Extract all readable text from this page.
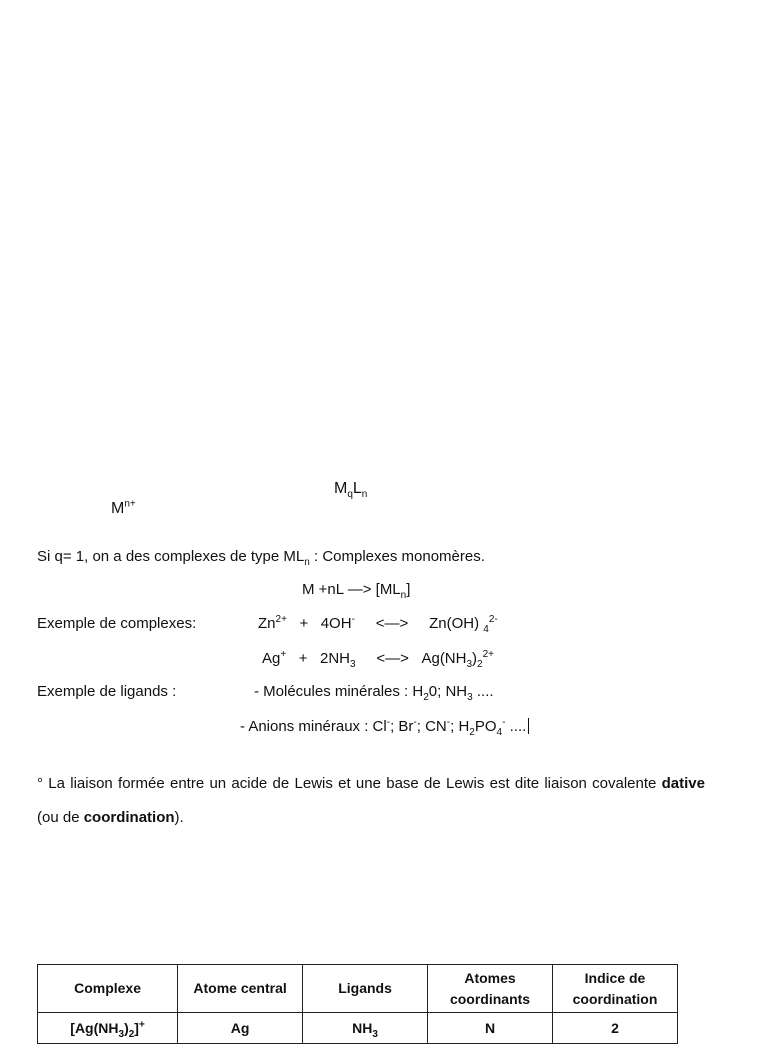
$M_qL_n$
$M^{n+}$
Si q= 1, on a des complexes de type $ML_n$ : Complexes monomères.
M +nL —> $[ML_n]$
Exemple de complexes:	$Zn^{2+} + 4OH^-$ <—> Zn(OH) $_4^{2-}$
$Ag^+ + 2NH_3$ <—> $Ag(NH_3)_2^{2+}$
Exemple de ligands :	- Molécules minérales : $H_20$; $NH_3$ ....
- Anions minéraux : Cl-; Br-; CN-; $H_2PO_4^-$ ....
° La liaison formée entre un acide de Lewis et une base de Lewis est dite liaison covalente dative (ou de coordination).
Complexe	Atome central	Ligands	Atomes coordinants	Indice de coordination
$[Ag(NH_3)_2]^+$	Ag	$NH_3$	N	2
